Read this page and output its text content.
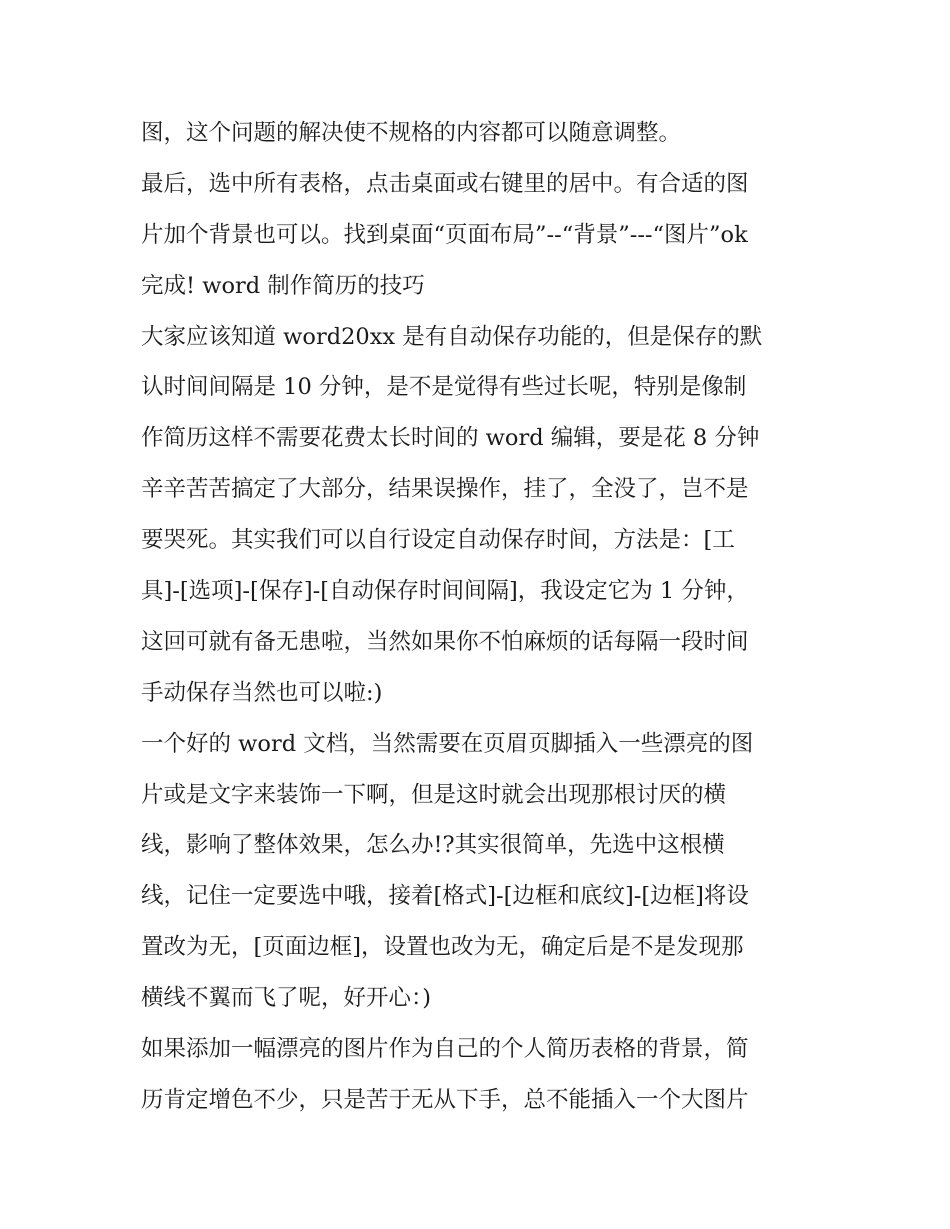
图，这个问题的解决使不规格的内容都可以随意调整。
最后，选中所有表格，点击桌面或右键里的居中。有合适的图
片加个背景也可以。找到桌面“页面布局”--“背景”---“图片”ok
完成! word 制作简历的技巧
大家应该知道 word20xx 是有自动保存功能的，但是保存的默
认时间间隔是 10 分钟，是不是觉得有些过长呢，特别是像制
作简历这样不需要花费太长时间的 word 编辑，要是花 8 分钟
辛辛苦苦搞定了大部分，结果误操作，挂了，全没了，岂不是
要哭死。其实我们可以自行设定自动保存时间，方法是：[工
具]-[选项]-[保存]-[自动保存时间间隔]，我设定它为 1 分钟，
这回可就有备无患啦，当然如果你不怕麻烦的话每隔一段时间
手动保存当然也可以啦:)
一个好的 word 文档，当然需要在页眉页脚插入一些漂亮的图
片或是文字来装饰一下啊，但是这时就会出现那根讨厌的横
线，影响了整体效果，怎么办!?其实很简单，先选中这根横
线，记住一定要选中哦，接着[格式]-[边框和底纹]-[边框]将设
置改为无，[页面边框]，设置也改为无，确定后是不是发现那
横线不翼而飞了呢，好开心：)
如果添加一幅漂亮的图片作为自己的个人简历表格的背景，简
历肯定增色不少，只是苦于无从下手，总不能插入一个大图片
